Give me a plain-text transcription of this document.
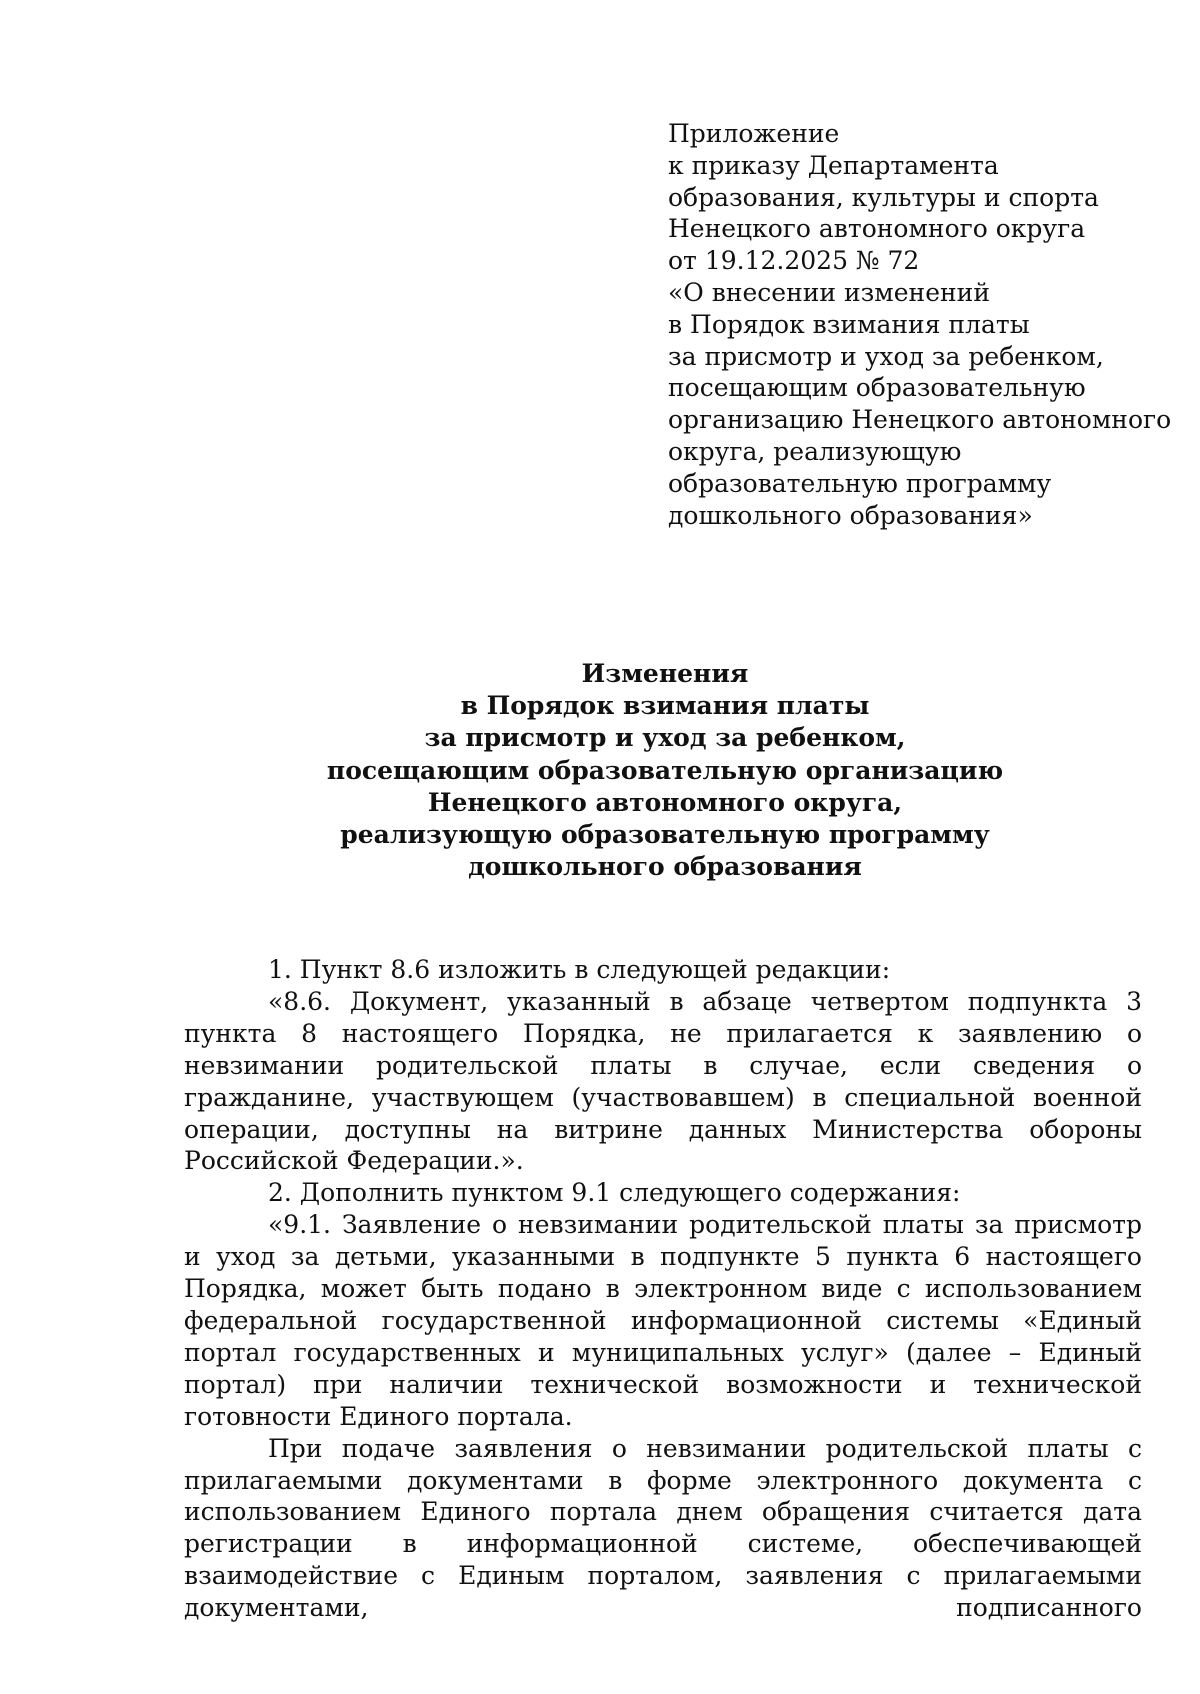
Приложение
к приказу Департамента
образования, культуры и спорта
Ненецкого автономного округа
от 19.12.2025 № 72
«О внесении изменений
в Порядок взимания платы
за присмотр и уход за ребенком,
посещающим образовательную
организацию Ненецкого автономного
округа, реализующую
образовательную программу
дошкольного образования»
Изменения
в Порядок взимания платы
за присмотр и уход за ребенком,
посещающим образовательную организацию
Ненецкого автономного округа,
реализующую образовательную программу
дошкольного образования

1. Пункт 8.6 изложить в следующей редакции:

«8.6. Документ, указанный в абзаце четвертом подпункта 3 пункта 8 настоящего Порядка, не прилагается к заявлению о невзимании родительской платы в случае, если сведения о гражданине, участвующем (участвовавшем) в специальной военной операции, доступны на витрине данных Министерства обороны Российской Федерации.».

2. Дополнить пунктом 9.1 следующего содержания:

«9.1. Заявление о невзимании родительской платы за присмотр и уход за детьми, указанными в подпункте 5 пункта 6 настоящего Порядка, может быть подано в электронном виде с использованием федеральной государственной информационной системы «Единый портал государственных и муниципальных услуг» (далее – Единый портал) при наличии технической возможности и технической готовности Единого портала.

При подаче заявления о невзимании родительской платы с прилагаемыми документами в форме электронного документа с использованием Единого портала днем обращения считается дата регистрации в информационной системе, обеспечивающей взаимодействие с Единым порталом, заявления с прилагаемыми документами, подписанного
